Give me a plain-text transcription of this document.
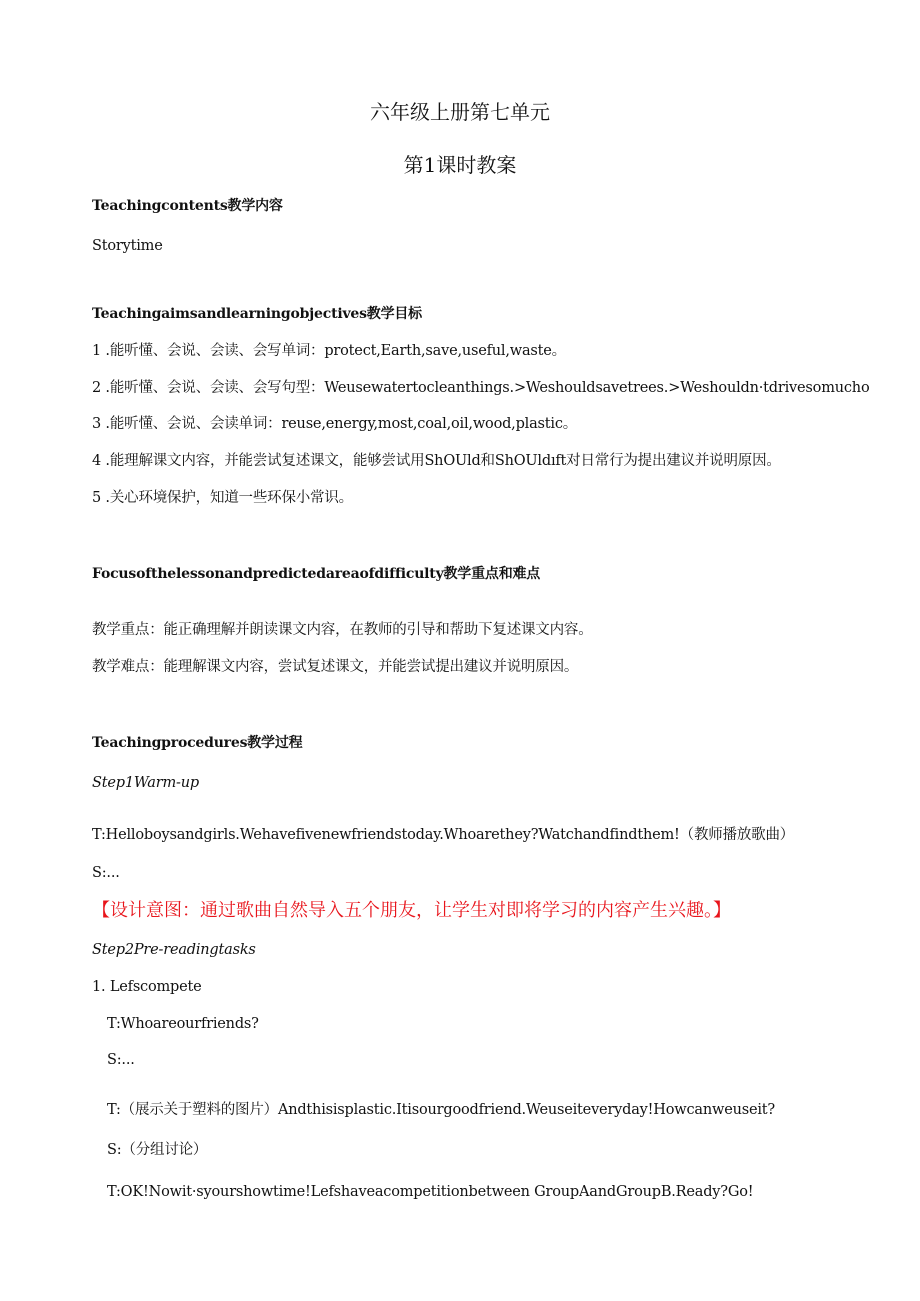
六年级上册第七单元
第1课时教案
Teachingcontents教学内容
Storytime
Teachingaimsandlearningobjectives教学目标
1 .能听懂、会说、会读、会写单词：protect,Earth,save,useful,waste。
2 .能听懂、会说、会读、会写句型：Weusewatertocleanthings.>Weshouldsavetrees.>Weshouldn·tdrivesomucho
3 .能听懂、会说、会读单词：reuse,energy,most,coal,oil,wood,plastic。
4 .能理解课文内容，并能尝试复述课文，能够尝试用ShOUld和ShOUldıft对日常行为提出建议并说明原因。
5 .关心环境保护，知道一些环保小常识。
Focusofthelessonandpredictedareaofdifficulty教学重点和难点
教学重点：能正确理解并朗读课文内容，在教师的引导和帮助下复述课文内容。
教学难点：能理解课文内容，尝试复述课文，并能尝试提出建议并说明原因。
Teachingprocedures教学过程
Step1Warm-up
T:Helloboysandgirls.Wehavefivenewfriendstoday.Whoarethey?Watchandfindthem!（教师播放歌曲）
S:...
【设计意图：通过歌曲自然导入五个朋友，让学生对即将学习的内容产生兴趣。】
Step2Pre-readingtasks
1. Lefscompete
T:Whoareourfriends?
S:...
T:（展示关于塑料的图片）Andthisisplastic.Itisourgoodfriend.Weuseiteveryday!Howcanweuseit?
S:（分组讨论）
T:OK!Nowit·syourshowtime!Lefshaveacompetitionbetween GroupAandGroupB.Ready?Go!
